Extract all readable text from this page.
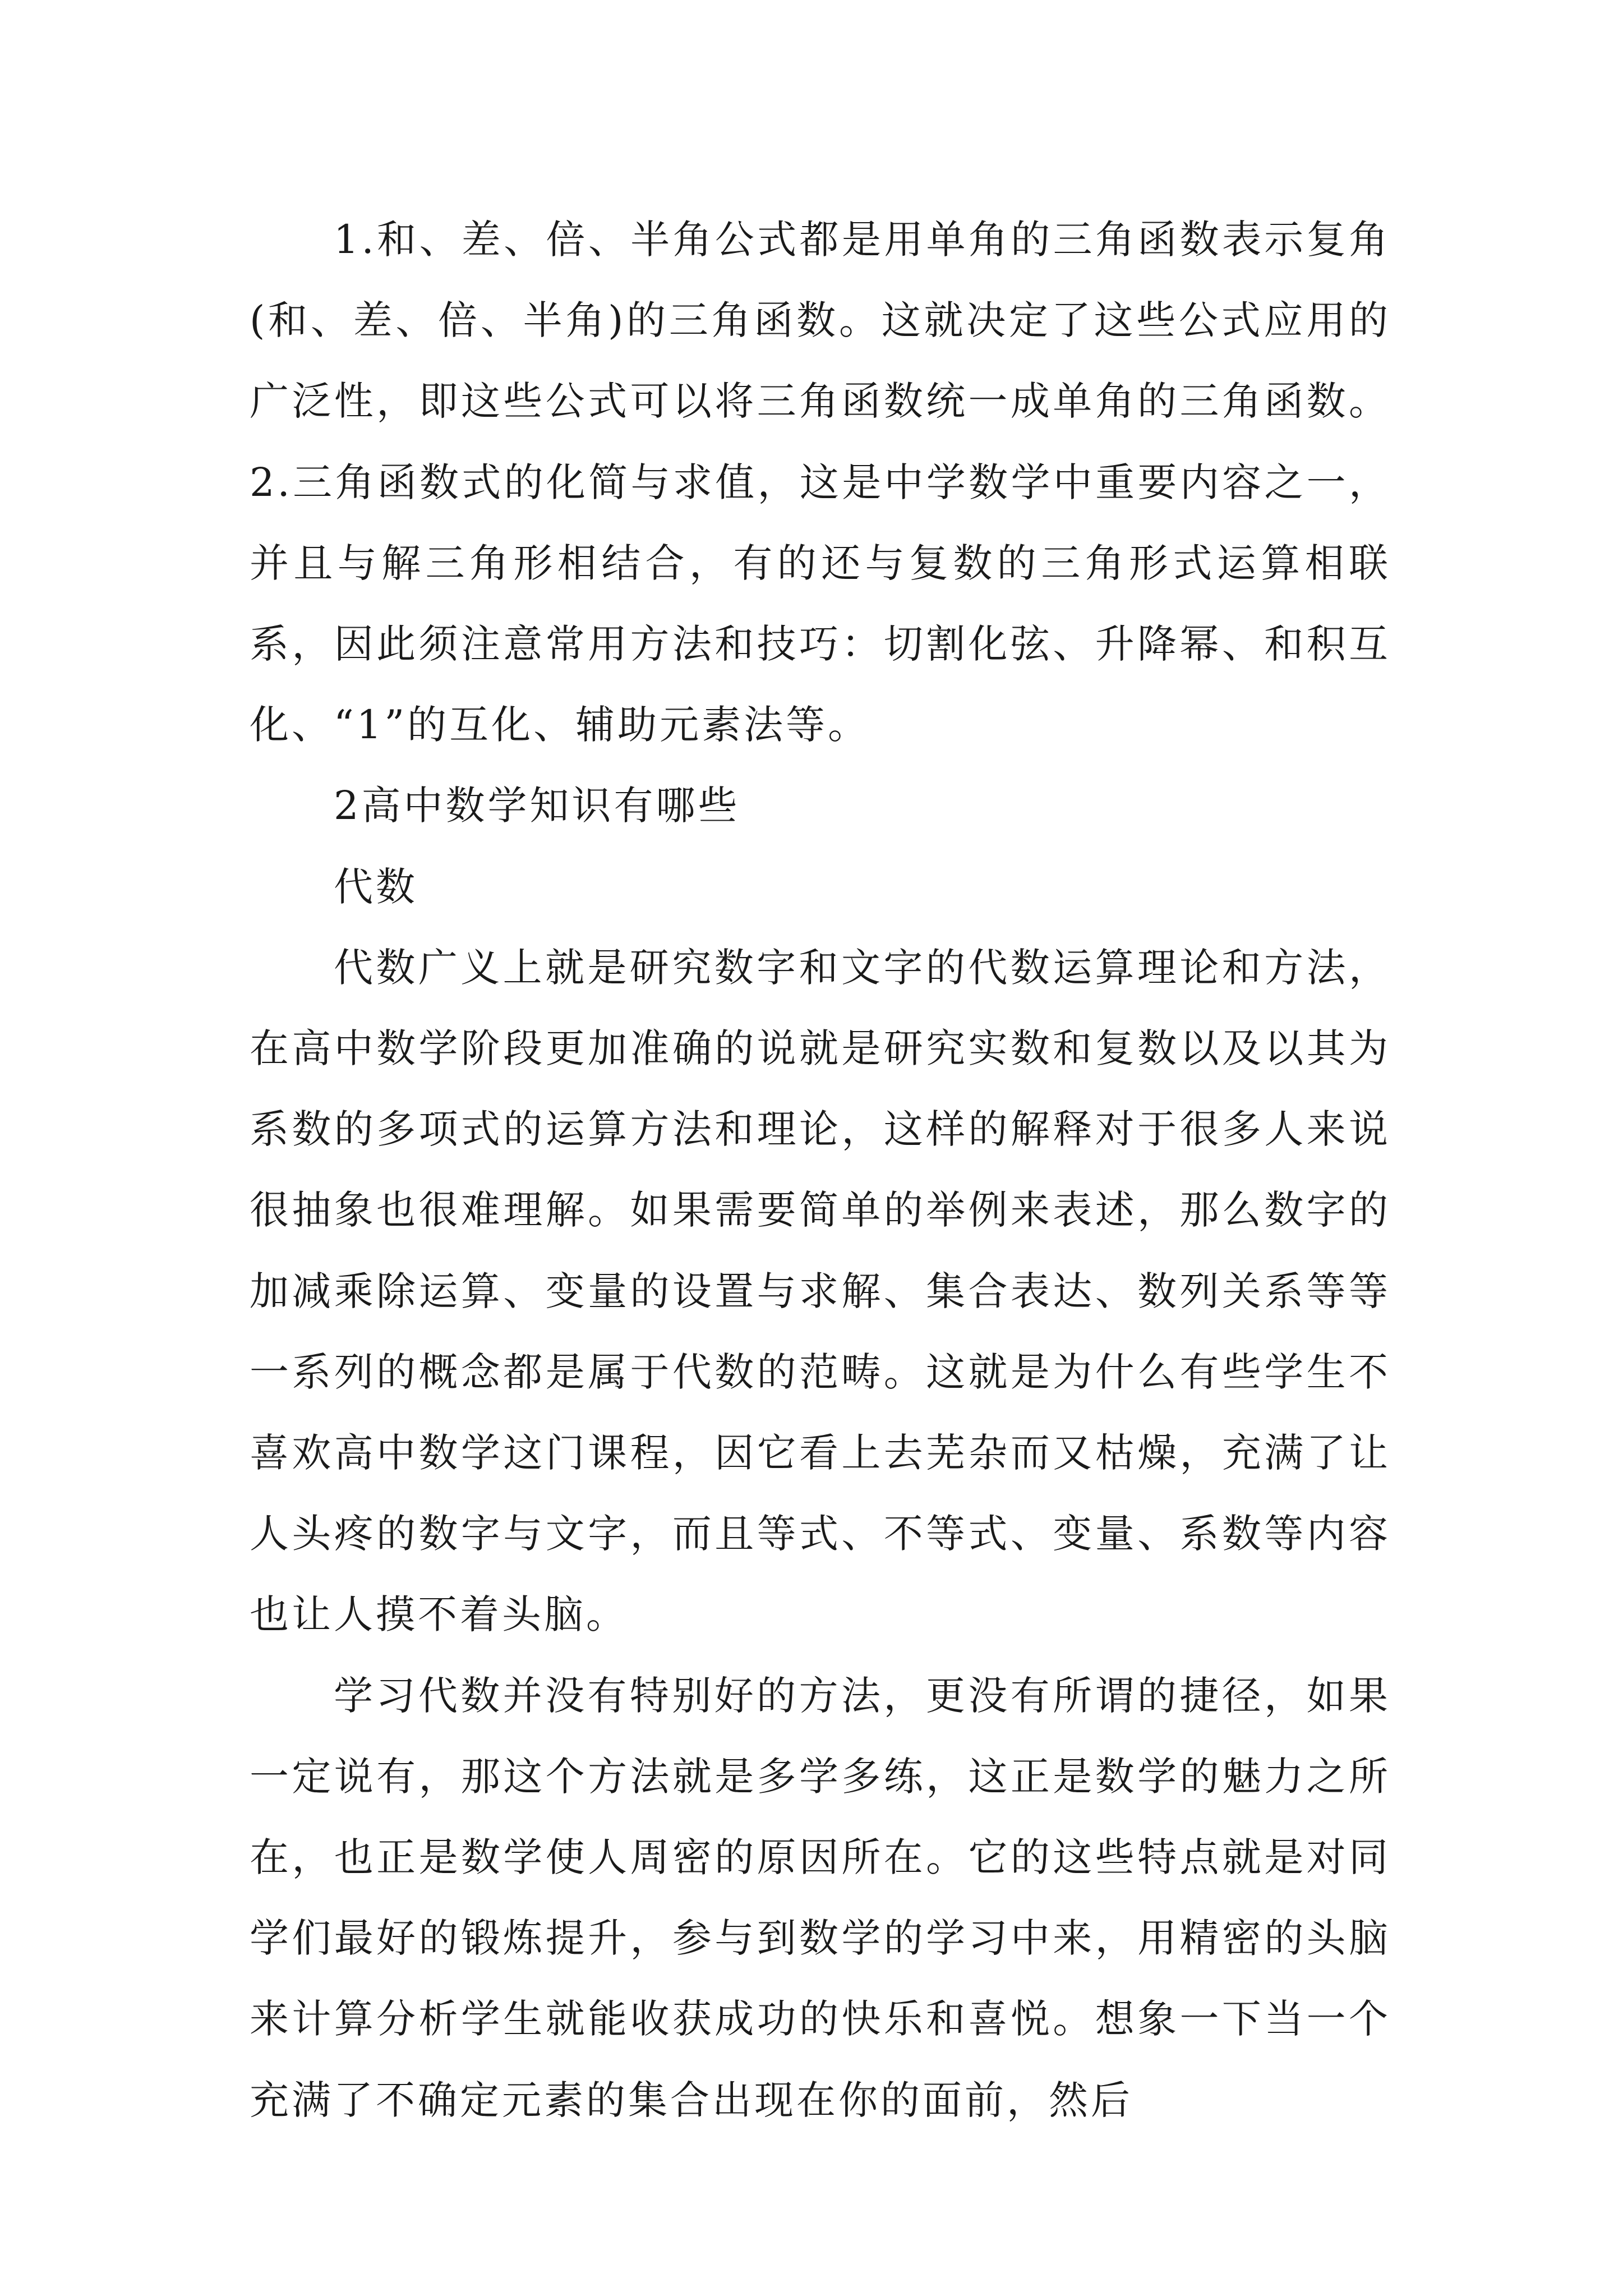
1.和、差、倍、半角公式都是用单角的三角函数表示复角(和、差、倍、半角)的三角函数。这就决定了这些公式应用的广泛性，即这些公式可以将三角函数统一成单角的三角函数。 2.三角函数式的化简与求值，这是中学数学中重要内容之一，并且与解三角形相结合，有的还与复数的三角形式运算相联系，因此须注意常用方法和技巧：切割化弦、升降幂、和积互化、“1”的互化、辅助元素法等。

2高中数学知识有哪些

代数

代数广义上就是研究数字和文字的代数运算理论和方法，在高中数学阶段更加准确的说就是研究实数和复数以及以其为系数的多项式的运算方法和理论，这样的解释对于很多人来说很抽象也很难理解。如果需要简单的举例来表述，那么数字的加减乘除运算、变量的设置与求解、集合表达、数列关系等等一系列的概念都是属于代数的范畴。这就是为什么有些学生不喜欢高中数学这门课程，因它看上去芜杂而又枯燥，充满了让人头疼的数字与文字，而且等式、不等式、变量、系数等内容也让人摸不着头脑。

学习代数并没有特别好的方法，更没有所谓的捷径，如果一定说有，那这个方法就是多学多练，这正是数学的魅力之所在，也正是数学使人周密的原因所在。它的这些特点就是对同学们最好的锻炼提升，参与到数学的学习中来，用精密的头脑来计算分析学生就能收获成功的快乐和喜悦。想象一下当一个充满了不确定元素的集合出现在你的面前，然后
